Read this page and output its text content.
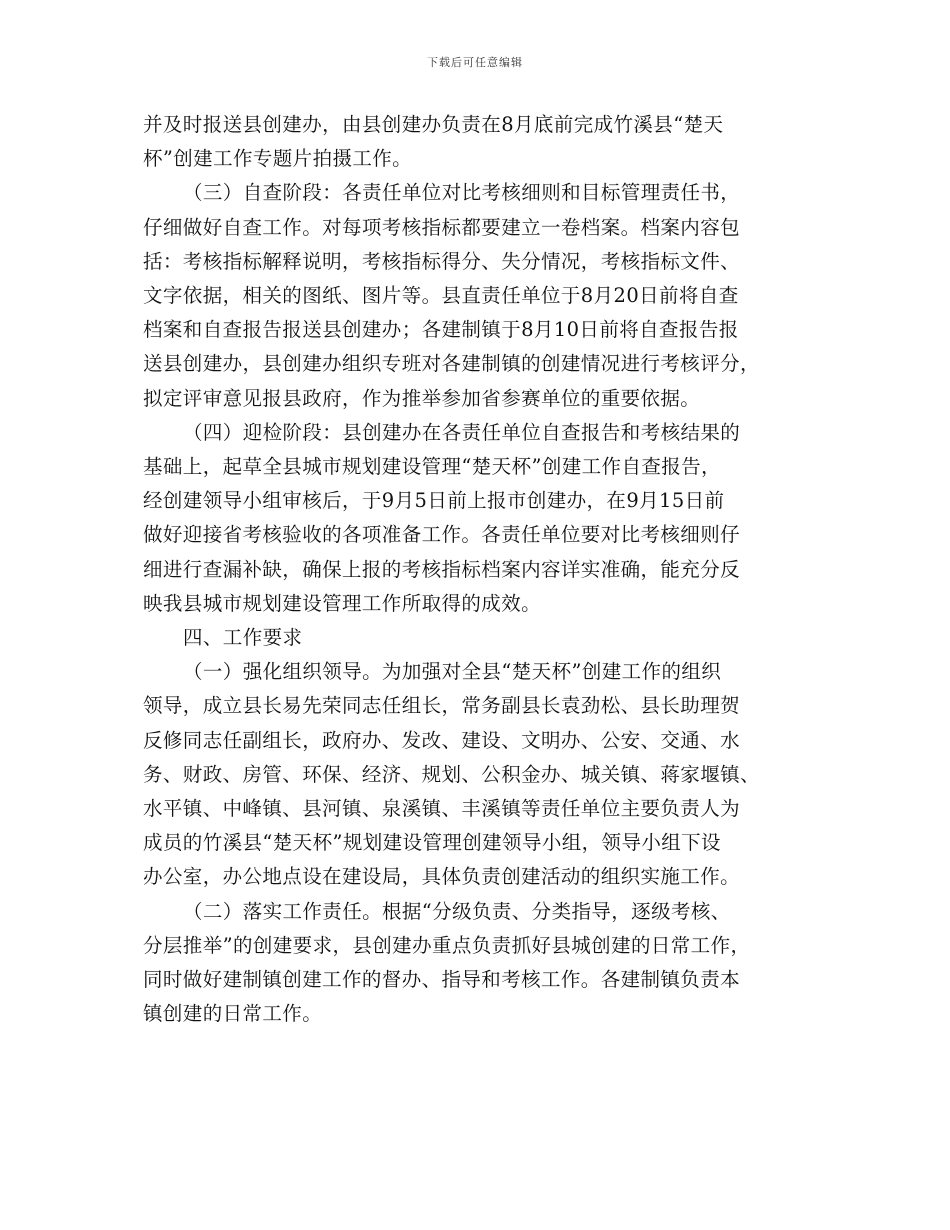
下载后可任意编辑
并及时报送县创建办，由县创建办负责在8月底前完成竹溪县“楚天
杯”创建工作专题片拍摄工作。
（三）自查阶段：各责任单位对比考核细则和目标管理责任书，
仔细做好自查工作。对每项考核指标都要建立一卷档案。档案内容包
括：考核指标解释说明，考核指标得分、失分情况，考核指标文件、
文字依据，相关的图纸、图片等。县直责任单位于8月20日前将自查
档案和自查报告报送县创建办；各建制镇于8月10日前将自查报告报
送县创建办，县创建办组织专班对各建制镇的创建情况进行考核评分，
拟定评审意见报县政府，作为推举参加省参赛单位的重要依据。
（四）迎检阶段：县创建办在各责任单位自查报告和考核结果的
基础上，起草全县城市规划建设管理“楚天杯”创建工作自查报告，
经创建领导小组审核后，于9月5日前上报市创建办，在9月15日前
做好迎接省考核验收的各项准备工作。各责任单位要对比考核细则仔
细进行查漏补缺，确保上报的考核指标档案内容详实准确，能充分反
映我县城市规划建设管理工作所取得的成效。
四、工作要求
（一）强化组织领导。为加强对全县“楚天杯”创建工作的组织
领导，成立县长易先荣同志任组长，常务副县长袁劲松、县长助理贺
反修同志任副组长，政府办、发改、建设、文明办、公安、交通、水
务、财政、房管、环保、经济、规划、公积金办、城关镇、蒋家堰镇、
水平镇、中峰镇、县河镇、泉溪镇、丰溪镇等责任单位主要负责人为
成员的竹溪县“楚天杯”规划建设管理创建领导小组，领导小组下设
办公室，办公地点设在建设局，具体负责创建活动的组织实施工作。
（二）落实工作责任。根据“分级负责、分类指导，逐级考核、
分层推举”的创建要求，县创建办重点负责抓好县城创建的日常工作，
同时做好建制镇创建工作的督办、指导和考核工作。各建制镇负责本
镇创建的日常工作。
